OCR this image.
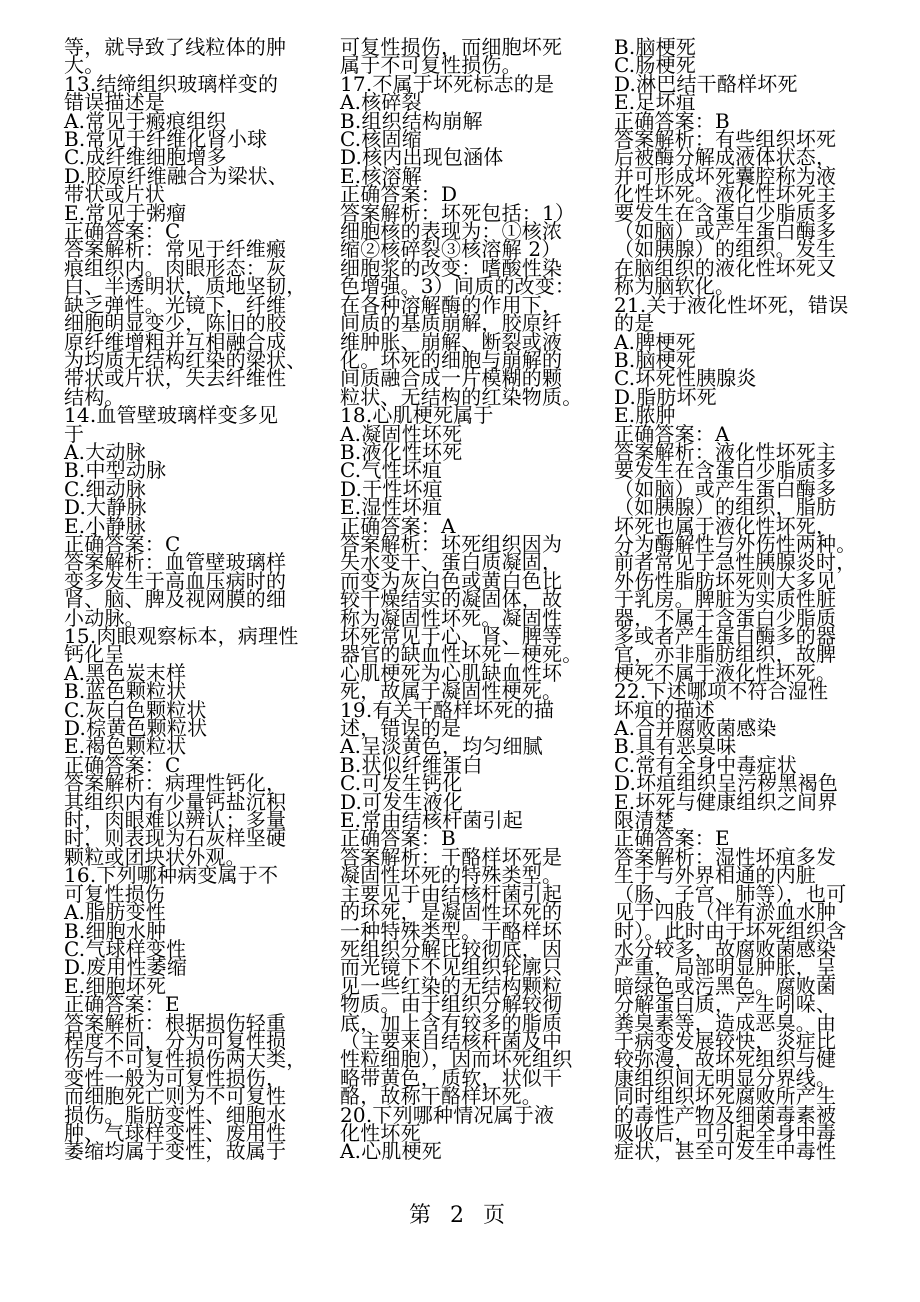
等，就导致了线粒体的肿
大。
13.结缔组织玻璃样变的
错误描述是
A.常见于瘢痕组织
B.常见于纤维化肾小球
C.成纤维细胞增多
D.胶原纤维融合为梁状、
带状或片状
E.常见于粥瘤
正确答案：C
答案解析：常见于纤维瘢
痕组织内。肉眼形态：灰
白、半透明状，质地坚韧，
缺乏弹性。光镜下，纤维
细胞明显变少，陈旧的胶
原纤维增粗并互相融合成
为均质无结构红染的梁状、
带状或片状，失去纤维性
结构。
14.血管壁玻璃样变多见
于
A.大动脉
B.中型动脉
C.细动脉
D.大静脉
E.小静脉
正确答案：C
答案解析：血管壁玻璃样
变多发生于高血压病时的
肾、脑、脾及视网膜的细
小动脉。
15.肉眼观察标本，病理性
钙化呈
A.黑色炭末样
B.蓝色颗粒状
C.灰白色颗粒状
D.棕黄色颗粒状
E.褐色颗粒状
正确答案：C
答案解析：病理性钙化，
其组织内有少量钙盐沉积
时，肉眼难以辨认；多量
时，则表现为石灰样坚硬
颗粒或团块状外观。
16.下列哪种病变属于不
可复性损伤
A.脂肪变性
B.细胞水肿
C.气球样变性
D.废用性萎缩
E.细胞坏死
正确答案：E
答案解析：根据损伤轻重
程度不同，分为可复性损
伤与不可复性损伤两大类，
变性一般为可复性损伤，
而细胞死亡则为不可复性
损伤。脂肪变性、细胞水
肿、气球样变性、废用性
萎缩均属于变性，故属于
可复性损伤，而细胞坏死
属于不可复性损伤。
17.不属于坏死标志的是
A.核碎裂
B.组织结构崩解
C.核固缩
D.核内出现包涵体
E.核溶解
正确答案：D
答案解析：坏死包括：1）
细胞核的表现为：①核浓
缩②核碎裂③核溶解 2）
细胞浆的改变：嗜酸性染
色增强。3）间质的改变：
在各种溶解酶的作用下，
间质的基质崩解，胶原纤
维肿胀、崩解、断裂或液
化。坏死的细胞与崩解的
间质融合成一片模糊的颗
粒状、无结构的红染物质。
18.心肌梗死属于
A.凝固性坏死
B.液化性坏死
C.气性坏疽
D.干性坏疽
E.湿性坏疽
正确答案：A
答案解析：坏死组织因为
失水变干、蛋白质凝固，
而变为灰白色或黄白色比
较干燥结实的凝固体，故
称为凝固性坏死。凝固性
坏死常见于心、肾、脾等
器官的缺血性坏死－梗死。
心肌梗死为心肌缺血性坏
死，故属于凝固性梗死。
19.有关干酪样坏死的描
述，错误的是
A.呈淡黄色，均匀细腻
B.状似纤维蛋白
C.可发生钙化
D.可发生液化
E.常由结核杆菌引起
正确答案：B
答案解析：干酪样坏死是
凝固性坏死的特殊类型。
主要见于由结核杆菌引起
的坏死，是凝固性坏死的
一种特殊类型。干酪样坏
死组织分解比较彻底，因
而光镜下不见组织轮廓只
见一些红染的无结构颗粒
物质。由于组织分解较彻
底，加上含有较多的脂质
（主要来自结核杆菌及中
性粒细胞），因而坏死组织
略带黄色，质软，状似干
酪，故称干酪样坏死。
20.下列哪种情况属于液
化性坏死
A.心肌梗死
B.脑梗死
C.肠梗死
D.淋巴结干酪样坏死
E.足坏疽
正确答案：B
答案解析：有些组织坏死
后被酶分解成液体状态，
并可形成坏死囊腔称为液
化性坏死。液化性坏死主
要发生在含蛋白少脂质多
（如脑）或产生蛋白酶多
（如胰腺）的组织。发生
在脑组织的液化性坏死又
称为脑软化。
21.关于液化性坏死，错误
的是
A.脾梗死
B.脑梗死
C.坏死性胰腺炎
D.脂肪坏死
E.脓肿
正确答案：A
答案解析：液化性坏死主
要发生在含蛋白少脂质多
（如脑）或产生蛋白酶多
（如胰腺）的组织，脂肪
坏死也属于液化性坏死，
分为酶解性与外伤性两种。
前者常见于急性胰腺炎时，
外伤性脂肪坏死则大多见
于乳房。脾脏为实质性脏
器，不属于含蛋白少脂质
多或者产生蛋白酶多的器
官，亦非脂肪组织，故脾
梗死不属于液化性坏死。
22.下述哪项不符合湿性
坏疽的描述
A.合并腐败菌感染
B.具有恶臭味
C.常有全身中毒症状
D.坏疽组织呈污秽黑褐色
E.坏死与健康组织之间界
限清楚
正确答案：E
答案解析：湿性坏疽多发
生于与外界相通的内脏
（肠、子宫、肺等），也可
见于四肢（伴有淤血水肿
时）。此时由于坏死组织含
水分较多，故腐败菌感染
严重，局部明显肿胀，呈
暗绿色或污黑色。腐败菌
分解蛋白质，产生吲哚、
粪臭素等，造成恶臭。由
于病变发展较快，炎症比
较弥漫，故坏死组织与健
康组织间无明显分界线。
同时组织坏死腐败所产生
的毒性产物及细菌毒素被
吸收后，可引起全身中毒
症状，甚至可发生中毒性
第 2 页
